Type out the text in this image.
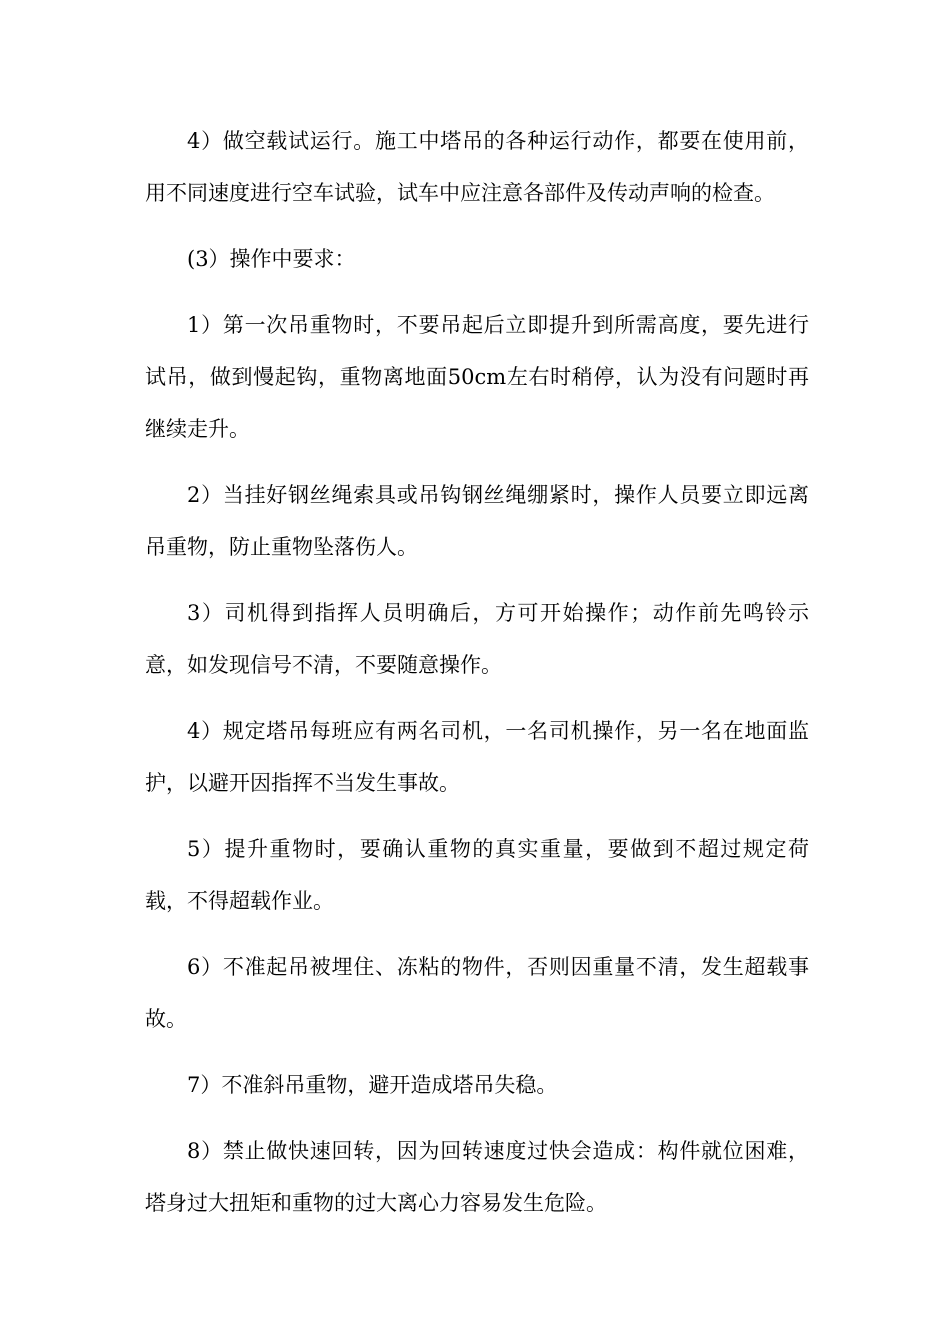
4）做空载试运行。施工中塔吊的各种运行动作，都要在使用前，用不同速度进行空车试验，试车中应注意各部件及传动声响的检查。

(3）操作中要求：

1）第一次吊重物时，不要吊起后立即提升到所需高度，要先进行试吊，做到慢起钩，重物离地面50cm左右时稍停，认为没有问题时再继续走升。

2）当挂好钢丝绳索具或吊钩钢丝绳绷紧时，操作人员要立即远离吊重物，防止重物坠落伤人。

3）司机得到指挥人员明确后，方可开始操作；动作前先鸣铃示意，如发现信号不清，不要随意操作。

4）规定塔吊每班应有两名司机，一名司机操作，另一名在地面监护，以避开因指挥不当发生事故。

5）提升重物时，要确认重物的真实重量，要做到不超过规定荷载，不得超载作业。

6）不准起吊被埋住、冻粘的物件，否则因重量不清，发生超载事故。

7）不准斜吊重物，避开造成塔吊失稳。

8）禁止做快速回转，因为回转速度过快会造成：构件就位困难，塔身过大扭矩和重物的过大离心力容易发生危险。
